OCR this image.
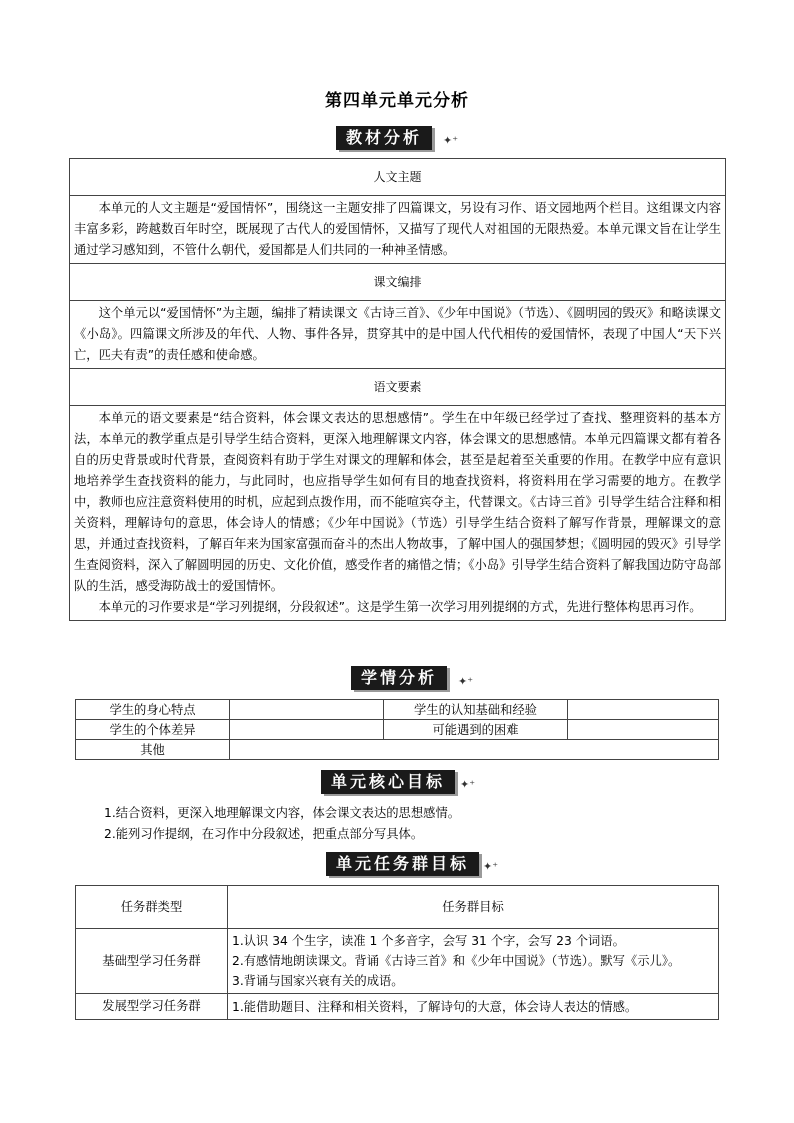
第四单元单元分析
教材分析	✦⁺
人文主题

本单元的人文主题是“爱国情怀”，围绕这一主题安排了四篇课文，另设有习作、语文园地两个栏目。这组课文内容丰富多彩，跨越数百年时空，既展现了古代人的爱国情怀，又描写了现代人对祖国的无限热爱。本单元课文旨在让学生通过学习感知到，不管什么朝代，爱国都是人们共同的一种神圣情感。

课文编排

这个单元以“爱国情怀”为主题，编排了精读课文《古诗三首》、《少年中国说》（节选）、《圆明园的毁灭》和略读课文《小岛》。四篇课文所涉及的年代、人物、事件各异，贯穿其中的是中国人代代相传的爱国情怀，表现了中国人“天下兴亡，匹夫有责”的责任感和使命感。

语文要素

本单元的语文要素是“结合资料，体会课文表达的思想感情”。学生在中年级已经学过了查找、整理资料的基本方法，本单元的教学重点是引导学生结合资料，更深入地理解课文内容，体会课文的思想感情。本单元四篇课文都有着各自的历史背景或时代背景，查阅资料有助于学生对课文的理解和体会，甚至是起着至关重要的作用。在教学中应有意识地培养学生查找资料的能力，与此同时，也应指导学生如何有目的地查找资料，将资料用在学习需要的地方。在教学中，教师也应注意资料使用的时机，应起到点拨作用，而不能喧宾夺主，代替课文。《古诗三首》引导学生结合注释和相关资料，理解诗句的意思，体会诗人的情感；《少年中国说》（节选）引导学生结合资料了解写作背景，理解课文的意思，并通过查找资料，了解百年来为国家富强而奋斗的杰出人物故事，了解中国人的强国梦想；《圆明园的毁灭》引导学生查阅资料，深入了解圆明园的历史、文化价值，感受作者的痛惜之情；《小岛》引导学生结合资料了解我国边防守岛部队的生活，感受海防战士的爱国情怀。

本单元的习作要求是“学习列提纲，分段叙述”。这是学生第一次学习用列提纲的方式，先进行整体构思再习作。

学情分析	✦⁺
学生的身心特点		学生的认知基础和经验	
学生的个体差异		可能遇到的困难	
其他			
单元核心目标	✦⁺
1.结合资料，更深入地理解课文内容，体会课文表达的思想感情。
2.能列习作提纲，在习作中分段叙述，把重点部分写具体。
单元任务群目标	✦⁺
任务群类型	任务群目标
基础型学习任务群	1.认识 34 个生字，读准 1 个多音字，会写 31 个字，会写 23 个词语。

2.有感情地朗读课文。背诵《古诗三首》和《少年中国说》（节选）。默写《示儿》。

3.背诵与国家兴衰有关的成语。

发展型学习任务群	1.能借助题目、注释和相关资料，了解诗句的大意，体会诗人表达的情感。
